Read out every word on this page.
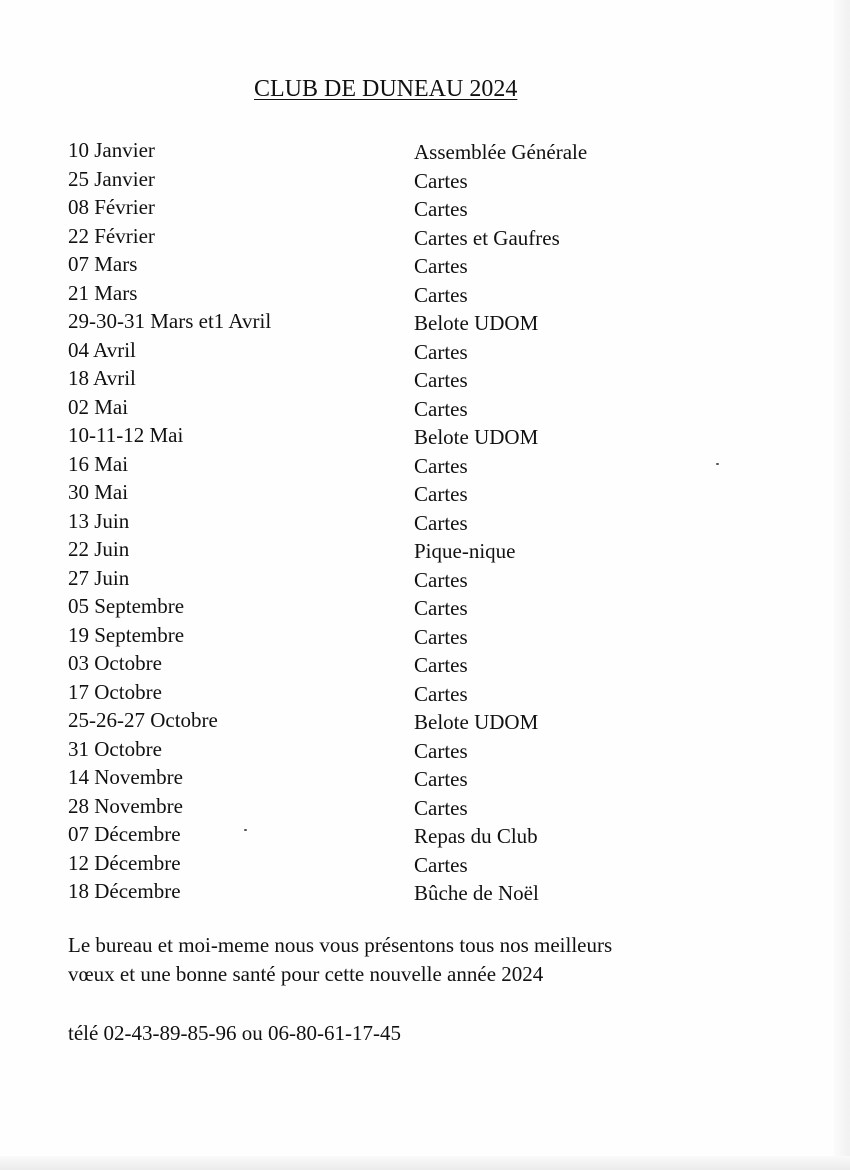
CLUB DE DUNEAU 2024
10 Janvier	Assemblée Générale
25 Janvier	Cartes
08 Février	Cartes
22 Février	Cartes et Gaufres
07 Mars	Cartes
21 Mars	Cartes
29-30-31 Mars et1 Avril	Belote UDOM
04 Avril	Cartes
18 Avril	Cartes
02 Mai	Cartes
10-11-12 Mai	Belote UDOM
16 Mai	Cartes
30 Mai	Cartes
13 Juin	Cartes
22 Juin	Pique-nique
27 Juin	Cartes
05 Septembre	Cartes
19 Septembre	Cartes
03 Octobre	Cartes
17 Octobre	Cartes
25-26-27 Octobre	Belote UDOM
31 Octobre	Cartes
14 Novembre	Cartes
28 Novembre	Cartes
07 Décembre	Repas du Club
12 Décembre	Cartes
18 Décembre	Bûche de Noël

Le bureau et moi-meme nous vous présentons tous nos meilleurs
vœux et une bonne santé pour cette nouvelle année 2024

télé 02-43-89-85-96 ou 06-80-61-17-45
